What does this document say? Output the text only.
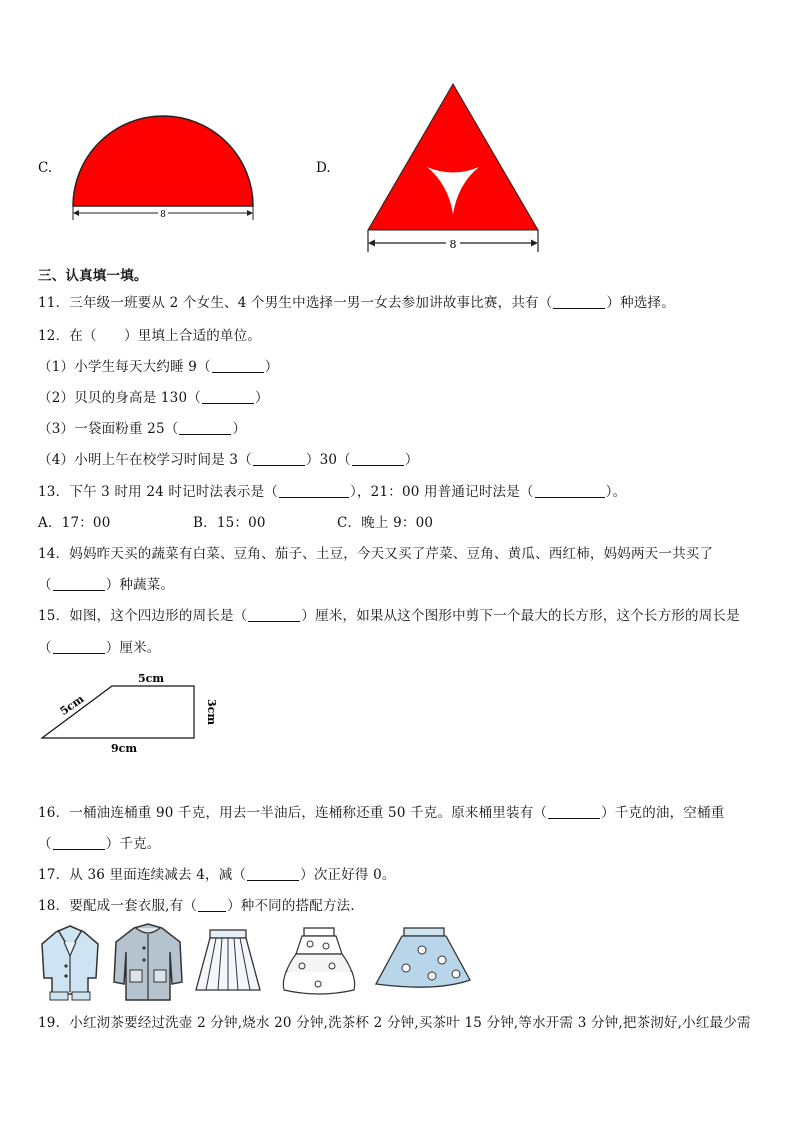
C.
8
D.
8
三、认真填一填。
11．三年级一班要从 2 个女生、4 个男生中选择一男一女去参加讲故事比赛，共有（	）种选择。
12．在（　　）里填上合适的单位。
（1）小学生每天大约睡 9（	）
（2）贝贝的身高是 130（	）
（3）一袋面粉重 25（	）
（4）小明上午在校学习时间是 3（	）30（	）
13．下午 3 时用 24 时记时法表示是（	），21：00 用普通记时法是（	）。
A．17：00	B．15：00	C．晚上 9：00
14．妈妈昨天买的蔬菜有白菜、豆角、茄子、土豆，今天又买了芹菜、豆角、黄瓜、西红柿，妈妈两天一共买了
（	）种蔬菜。
15．如图，这个四边形的周长是（	）厘米，如果从这个图形中剪下一个最大的长方形，这个长方形的周长是
（	）厘米。
5cm
5cm	3cm
9cm
16．一桶油连桶重 90 千克，用去一半油后，连桶称还重 50 千克。原来桶里装有（	）千克的油，空桶重
（	）千克。
17．从 36 里面连续减去 4，减（	）次正好得 0。
18．要配成一套衣服,有（ ）种不同的搭配方法．
19．小红沏茶要经过洗壶 2 分钟,烧水 20 分钟,洗茶杯 2 分钟,买茶叶 15 分钟,等水开需 3 分钟,把茶沏好,小红最少需
